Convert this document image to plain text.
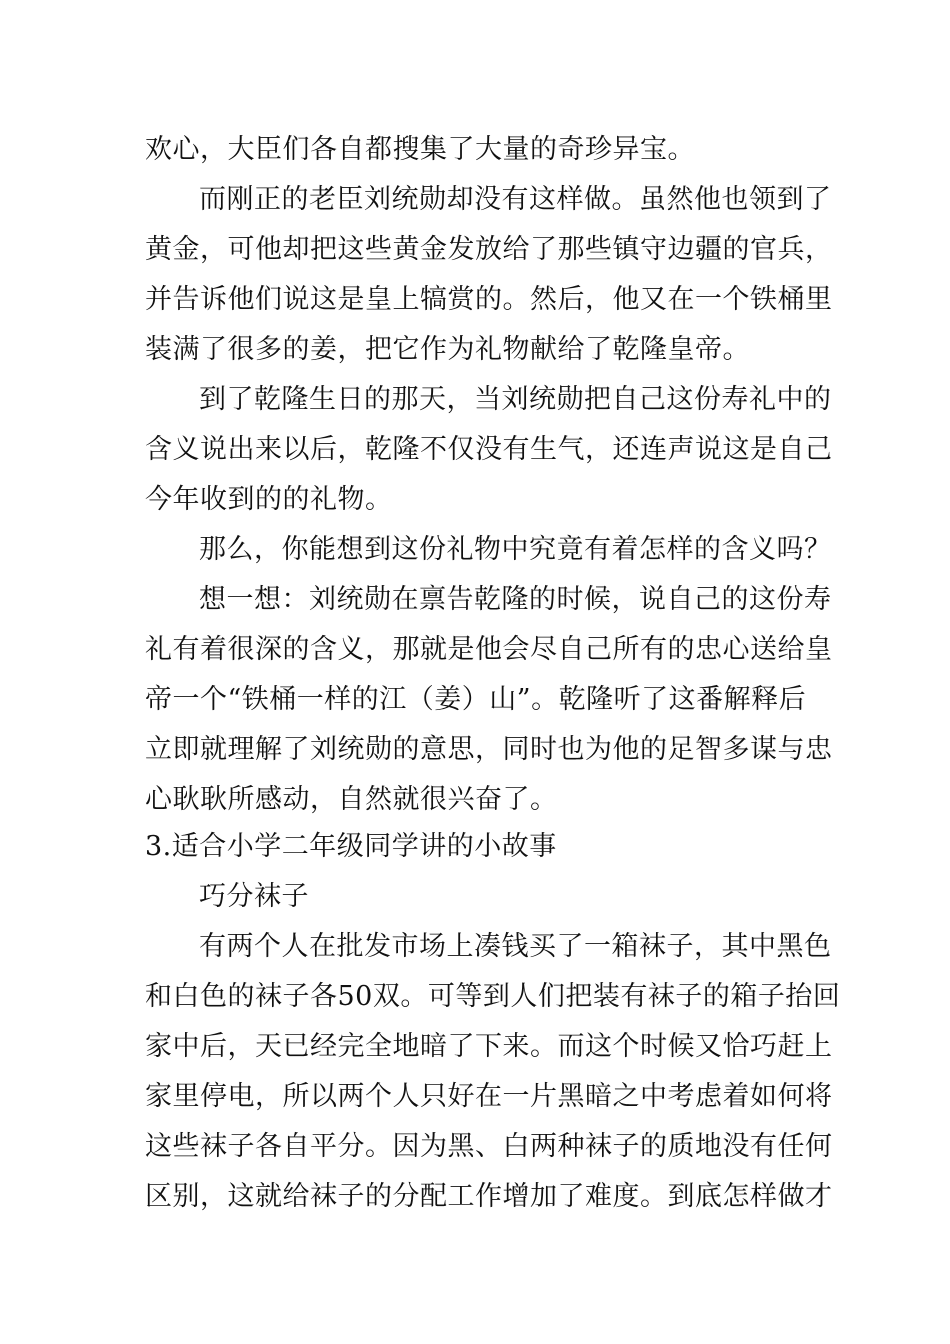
欢心，大臣们各自都搜集了大量的奇珍异宝。
而刚正的老臣刘统勋却没有这样做。虽然他也领到了
黄金，可他却把这些黄金发放给了那些镇守边疆的官兵，
并告诉他们说这是皇上犒赏的。然后，他又在一个铁桶里
装满了很多的姜，把它作为礼物献给了乾隆皇帝。
到了乾隆生日的那天，当刘统勋把自己这份寿礼中的
含义说出来以后，乾隆不仅没有生气，还连声说这是自己
今年收到的的礼物。
那么，你能想到这份礼物中究竟有着怎样的含义吗？
想一想：刘统勋在禀告乾隆的时候，说自己的这份寿
礼有着很深的含义，那就是他会尽自己所有的忠心送给皇
帝一个“铁桶一样的江（姜）山”。乾隆听了这番解释后
立即就理解了刘统勋的意思，同时也为他的足智多谋与忠
心耿耿所感动，自然就很兴奋了。
3.适合小学二年级同学讲的小故事
巧分袜子
有两个人在批发市场上凑钱买了一箱袜子，其中黑色
和白色的袜子各50双。可等到人们把装有袜子的箱子抬回
家中后，天已经完全地暗了下来。而这个时候又恰巧赶上
家里停电，所以两个人只好在一片黑暗之中考虑着如何将
这些袜子各自平分。因为黑、白两种袜子的质地没有任何
区别，这就给袜子的分配工作增加了难度。到底怎样做才
